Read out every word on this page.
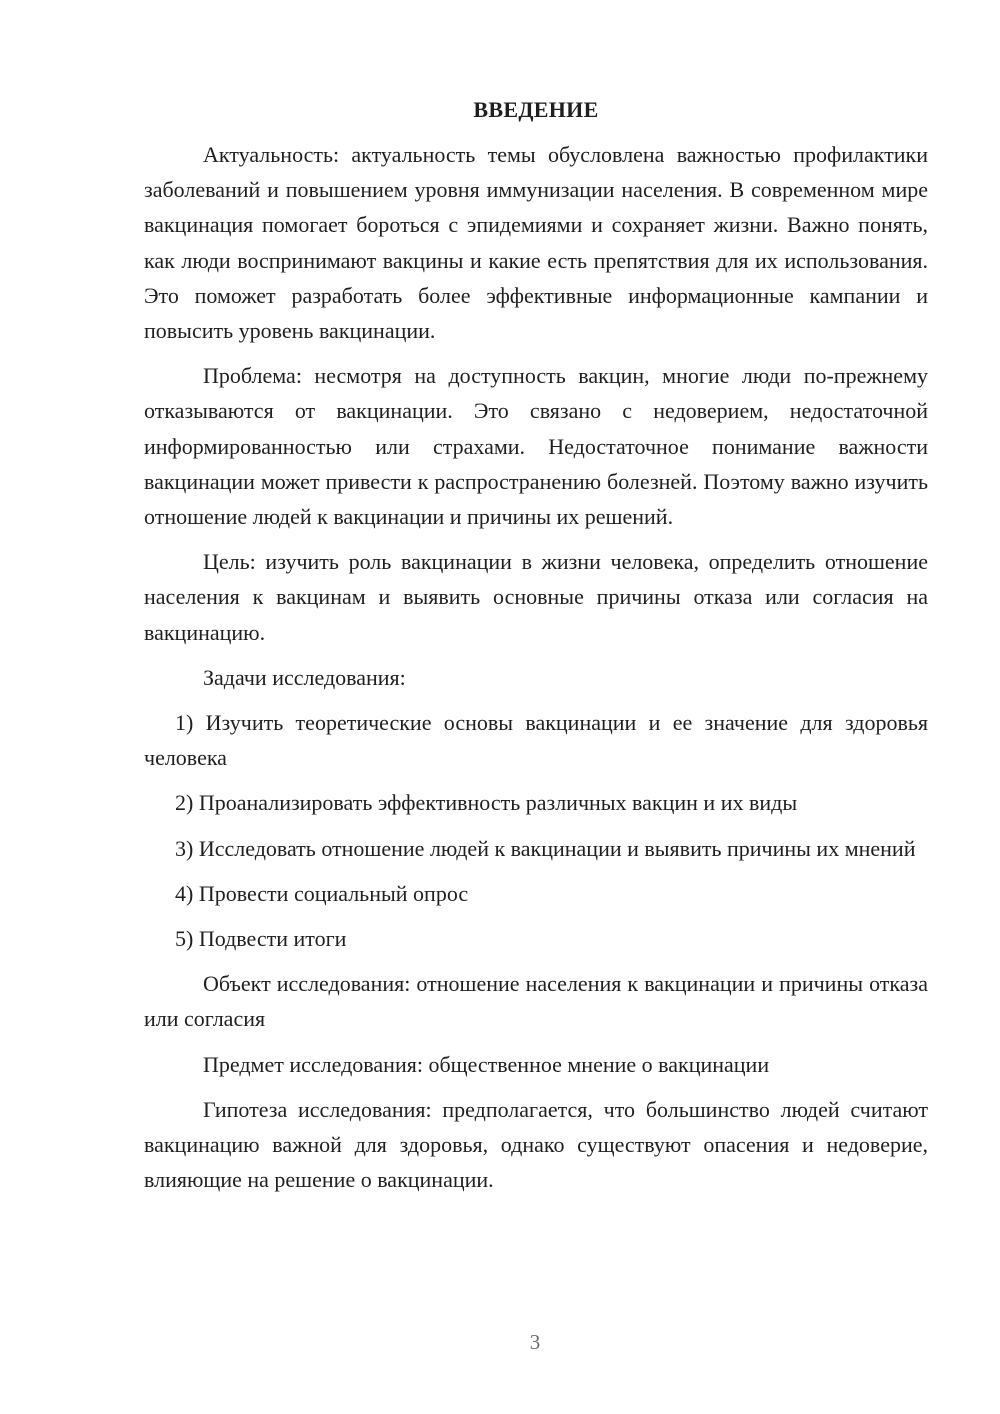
ВВЕДЕНИЕ

Актуальность: актуальность темы обусловлена важностью профилактики заболеваний и повышением уровня иммунизации населения. В современном мире вакцинация помогает бороться с эпидемиями и сохраняет жизни. Важно понять, как люди воспринимают вакцины и какие есть препятствия для их использования. Это поможет разработать более эффективные информационные кампании и повысить уровень вакцинации.

Проблема: несмотря на доступность вакцин, многие люди по-прежнему отказываются от вакцинации. Это связано с недоверием, недостаточной информированностью или страхами. Недостаточное понимание важности вакцинации может привести к распространению болезней. Поэтому важно изучить отношение людей к вакцинации и причины их решений.

Цель: изучить роль вакцинации в жизни человека, определить отношение населения к вакцинам и выявить основные причины отказа или согласия на вакцинацию.

Задачи исследования:

1) Изучить теоретические основы вакцинации и ее значение для здоровья человека

2) Проанализировать эффективность различных вакцин и их виды

3) Исследовать отношение людей к вакцинации и выявить причины их мнений

4) Провести социальный опрос

5) Подвести итоги

Объект исследования: отношение населения к вакцинации и причины отказа или согласия

Предмет исследования: общественное мнение о вакцинации

Гипотеза исследования: предполагается, что большинство людей считают вакцинацию важной для здоровья, однако существуют опасения и недоверие, влияющие на решение о вакцинации.

3
